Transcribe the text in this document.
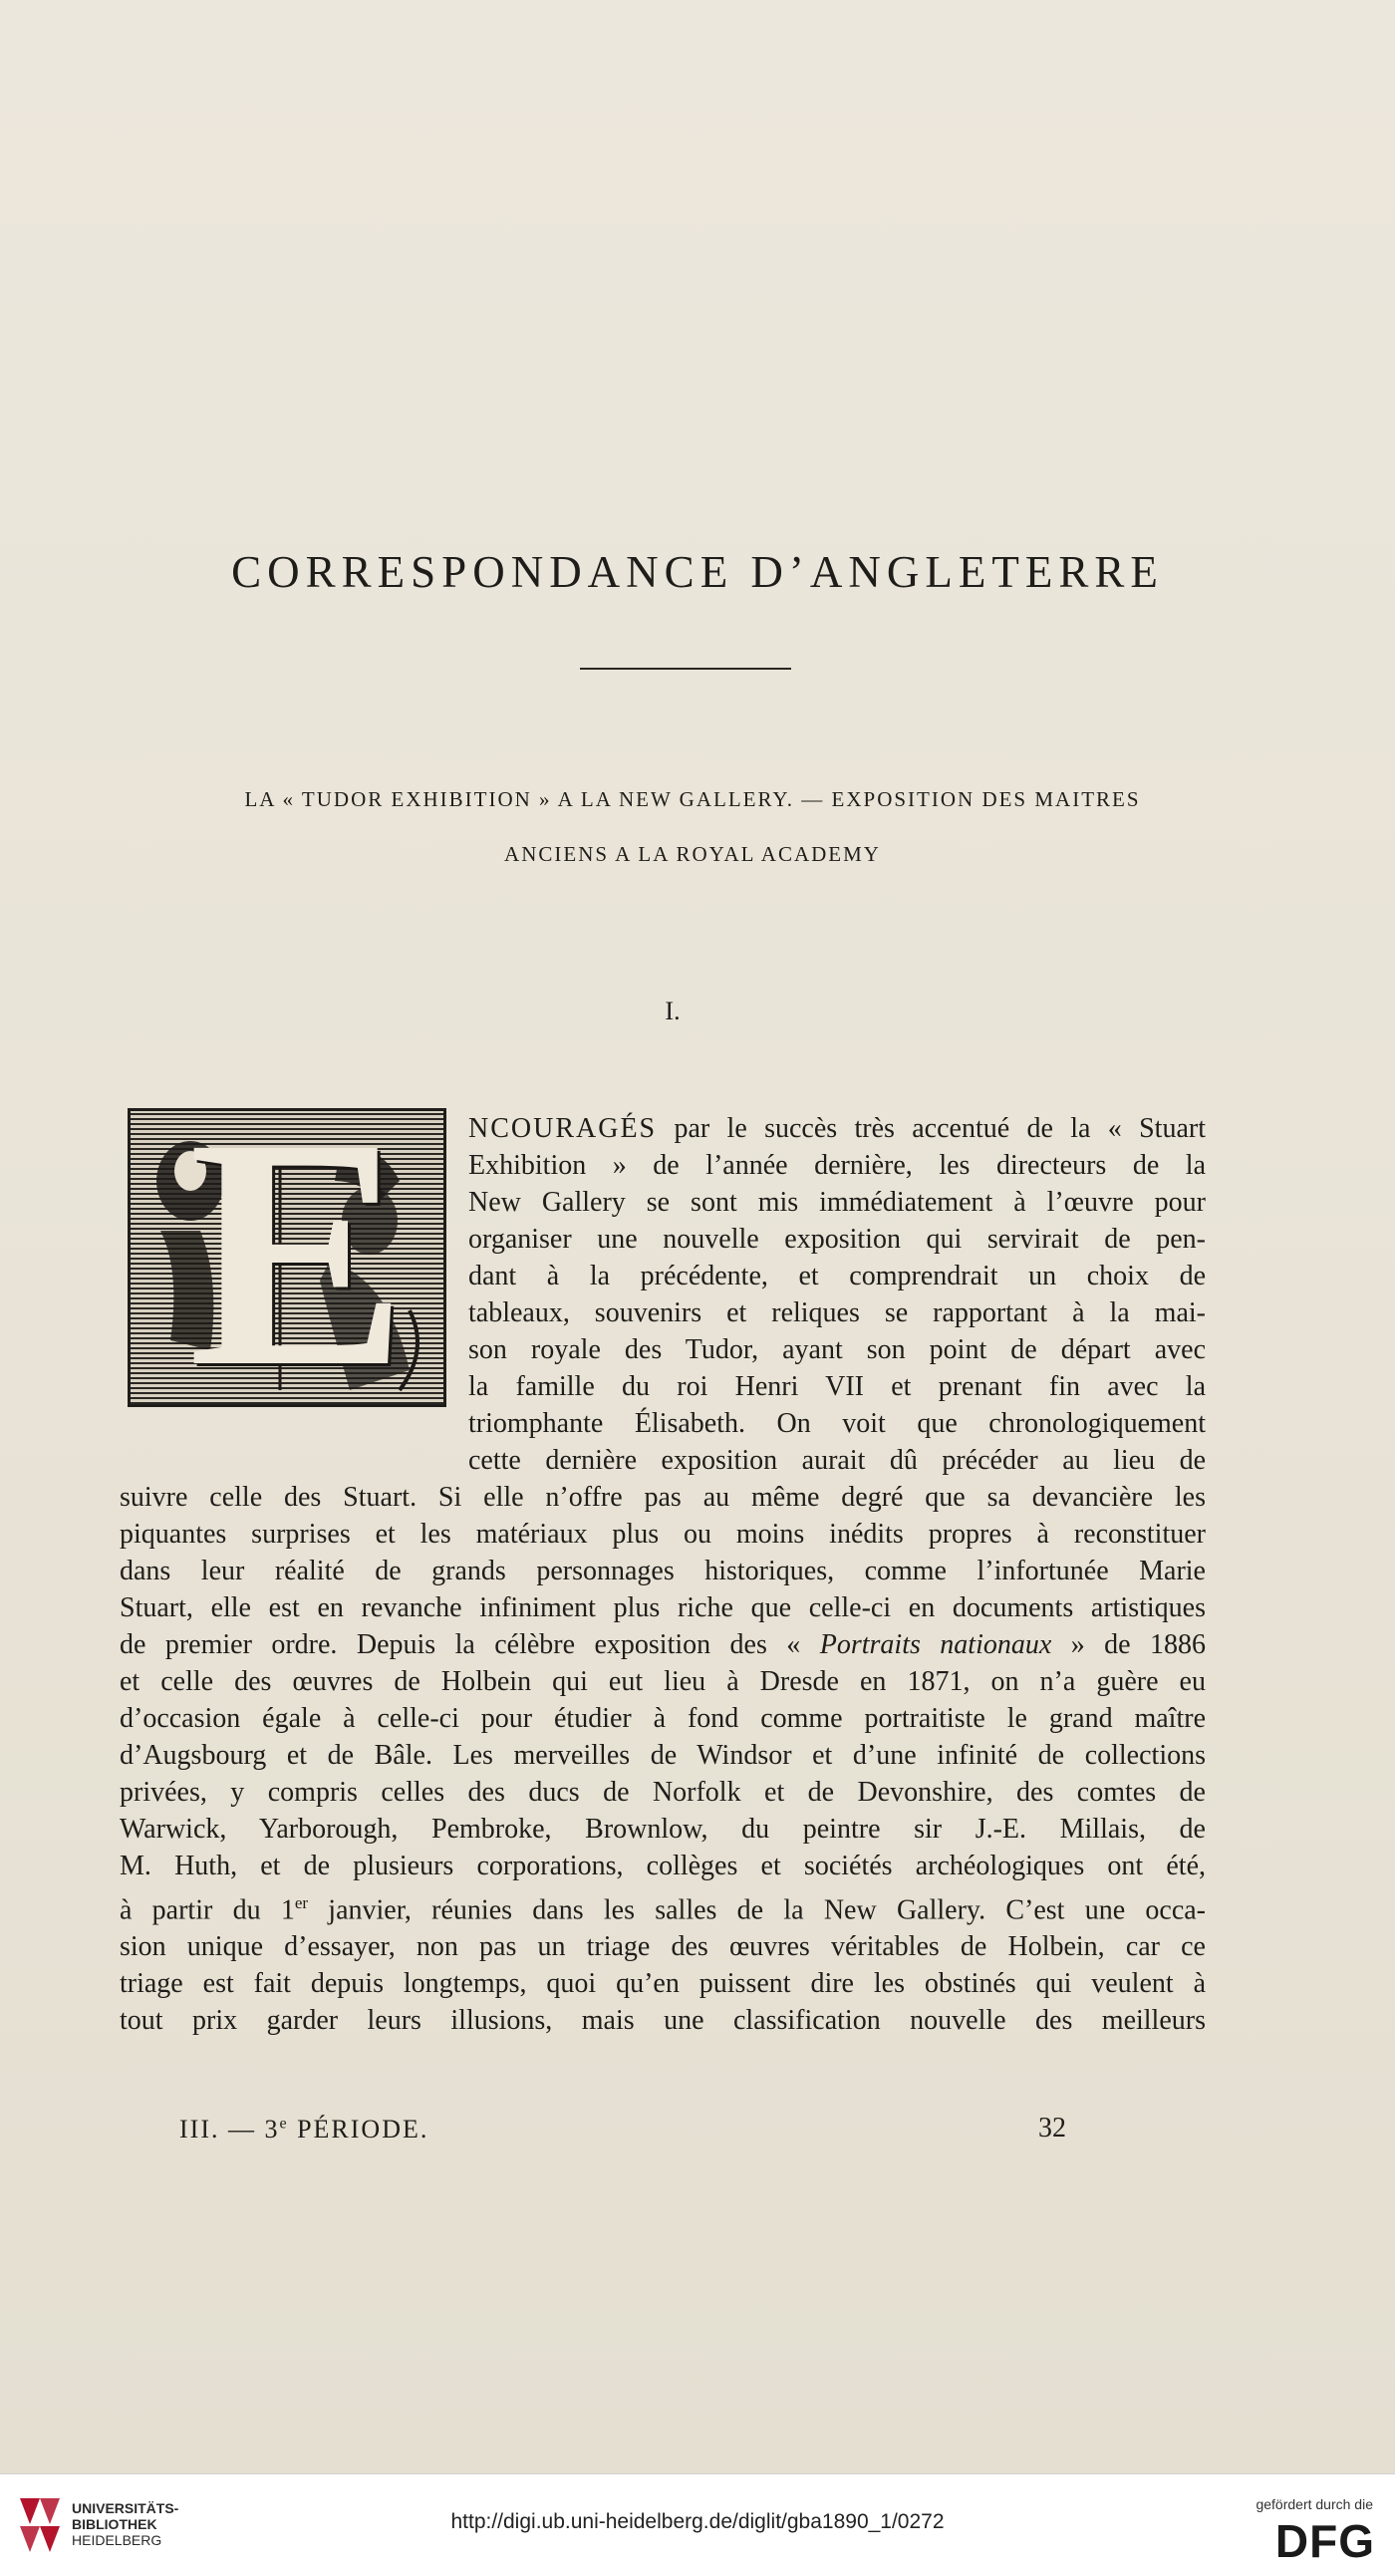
CORRESPONDANCE D’ANGLETERRE

LA « TUDOR EXHIBITION » A LA NEW GALLERY. — EXPOSITION DES MAITRES

ANCIENS A LA ROYAL ACADEMY

I.

E NCOURAGÉS par le succès très accentué de la « Stuart
Exhibition » de l’année dernière, les directeurs de la
New Gallery se sont mis immédiatement à l’œuvre pour
organiser une nouvelle exposition qui servirait de pen-
dant à la précédente, et comprendrait un choix de
tableaux, souvenirs et reliques se rapportant à la mai-
son royale des Tudor, ayant son point de départ avec
la famille du roi Henri VII et prenant fin avec la
triomphante Élisabeth. On voit que chronologiquement
cette dernière exposition aurait dû précéder au lieu de
suivre celle des Stuart. Si elle n’offre pas au même degré que sa devancière les
piquantes surprises et les matériaux plus ou moins inédits propres à reconstituer
dans leur réalité de grands personnages historiques, comme l’infortunée Marie
Stuart, elle est en revanche infiniment plus riche que celle-ci en documents artistiques
de premier ordre. Depuis la célèbre exposition des « Portraits nationaux » de 1886
et celle des œuvres de Holbein qui eut lieu à Dresde en 1871, on n’a guère eu
d’occasion égale à celle-ci pour étudier à fond comme portraitiste le grand maître
d’Augsbourg et de Bâle. Les merveilles de Windsor et d’une infinité de collections
privées, y compris celles des ducs de Norfolk et de Devonshire, des comtes de
Warwick, Yarborough, Pembroke, Brownlow, du peintre sir J.-E. Millais, de
M. Huth, et de plusieurs corporations, collèges et sociétés archéologiques ont été,
à partir du 1er janvier, réunies dans les salles de la New Gallery. C’est une occa-
sion unique d’essayer, non pas un triage des œuvres véritables de Holbein, car ce
triage est fait depuis longtemps, quoi qu’en puissent dire les obstinés qui veulent à
tout prix garder leurs illusions, mais une classification nouvelle des meilleurs

III. — 3e PÉRIODE.	32

UNIVERSITÄTS-
BIBLIOTHEK
HEIDELBERG

http://digi.ub.uni-heidelberg.de/diglit/gba1890_1/0272

gefördert durch die

DFG
